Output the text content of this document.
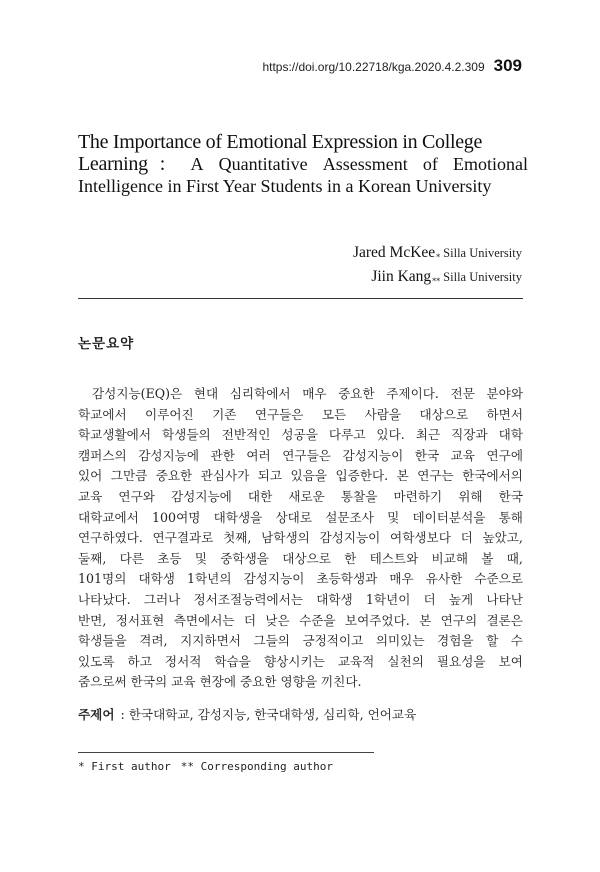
https://doi.org/10.22718/kga.2020.4.2.309 309
The Importance of Emotional Expression in College
Learning :	A Quantitative Assessment of Emotional
Intelligence in First Year Students in a Korean University
Jared McKee* Silla University
Jiin Kang** Silla University
논문요약
감성지능(EQ)은 현대 심리학에서 매우 중요한 주제이다. 전문 분야와
학교에서 이루어진 기존 연구들은 모든 사람을 대상으로 하면서
학교생활에서 학생들의 전반적인 성공을 다루고 있다. 최근 직장과 대학
캠퍼스의 감성지능에 관한 여러 연구들은 감성지능이 한국 교육 연구에
있어 그만큼 중요한 관심사가 되고 있음을 입증한다. 본 연구는 한국에서의
교육 연구와 감성지능에 대한 새로운 통찰을 마련하기 위해 한국
대학교에서 100여명 대학생을 상대로 설문조사 및 데이터분석을 통해
연구하였다. 연구결과로 첫째, 남학생의 감성지능이 여학생보다 더 높았고,
둘째, 다른 초등 및 중학생을 대상으로 한 테스트와 비교해 볼 때,
101명의 대학생 1학년의 감성지능이 초등학생과 매우 유사한 수준으로
나타났다. 그러나 정서조절능력에서는 대학생 1학년이 더 높게 나타난
반면, 정서표현 측면에서는 더 낮은 수준을 보여주었다. 본 연구의 결론은
학생들을 격려, 지지하면서 그들의 긍정적이고 의미있는 경험을 할 수
있도록 하고 정서적 학습을 향상시키는 교육적 실천의 필요성을 보여
줌으로써 한국의 교육 현장에 중요한 영향을 끼친다.
주제어 : 한국대학교, 감성지능, 한국대학생, 심리학, 언어교육
* First author ** Corresponding author
